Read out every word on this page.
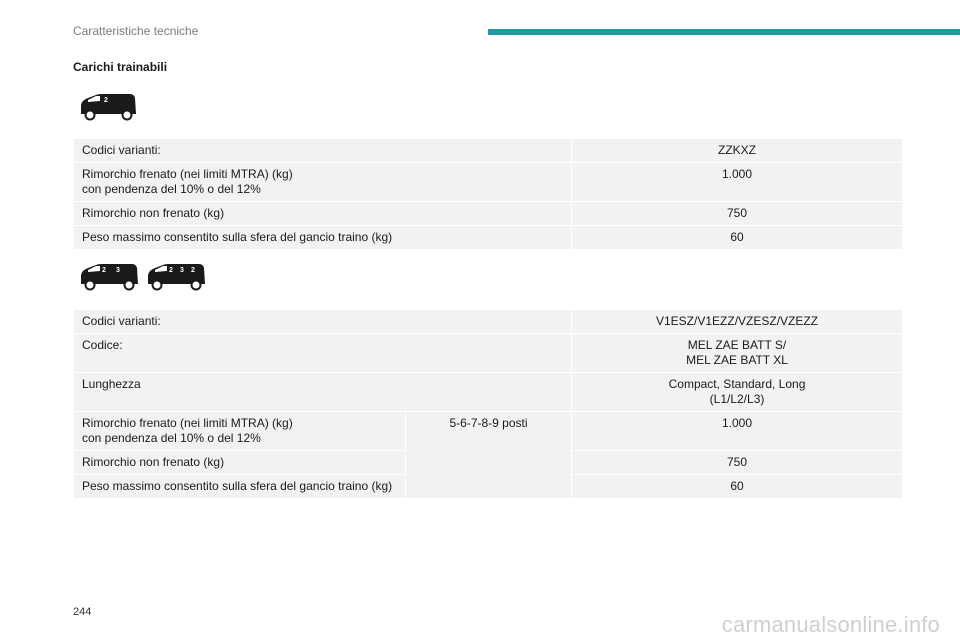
Caratteristiche tecniche
Carichi trainabili
2
Codici varianti:	ZZKXZ

Rimorchio frenato (nei limiti MTRA) (kg)
con pendenza del 10% o del 12%	1.000
Rimorchio non frenato (kg)	750
Peso massimo consentito sulla sfera del gancio traino (kg)	60
2 3	2 3 2
Codici varianti:		V1ESZ/V1EZZ/VZESZ/VZEZZ
Codice:		MEL ZAE BATT S/
MEL ZAE BATT XL

Lunghezza		Compact, Standard, Long
(L1/L2/L3)

Rimorchio frenato (nei limiti MTRA) (kg)
con pendenza del 10% o del 12%	5-6-7-8-9 posti	1.000
Rimorchio non frenato (kg)		750
Peso massimo consentito sulla sfera del gancio traino (kg)		60
244	carmanualsonline.info
